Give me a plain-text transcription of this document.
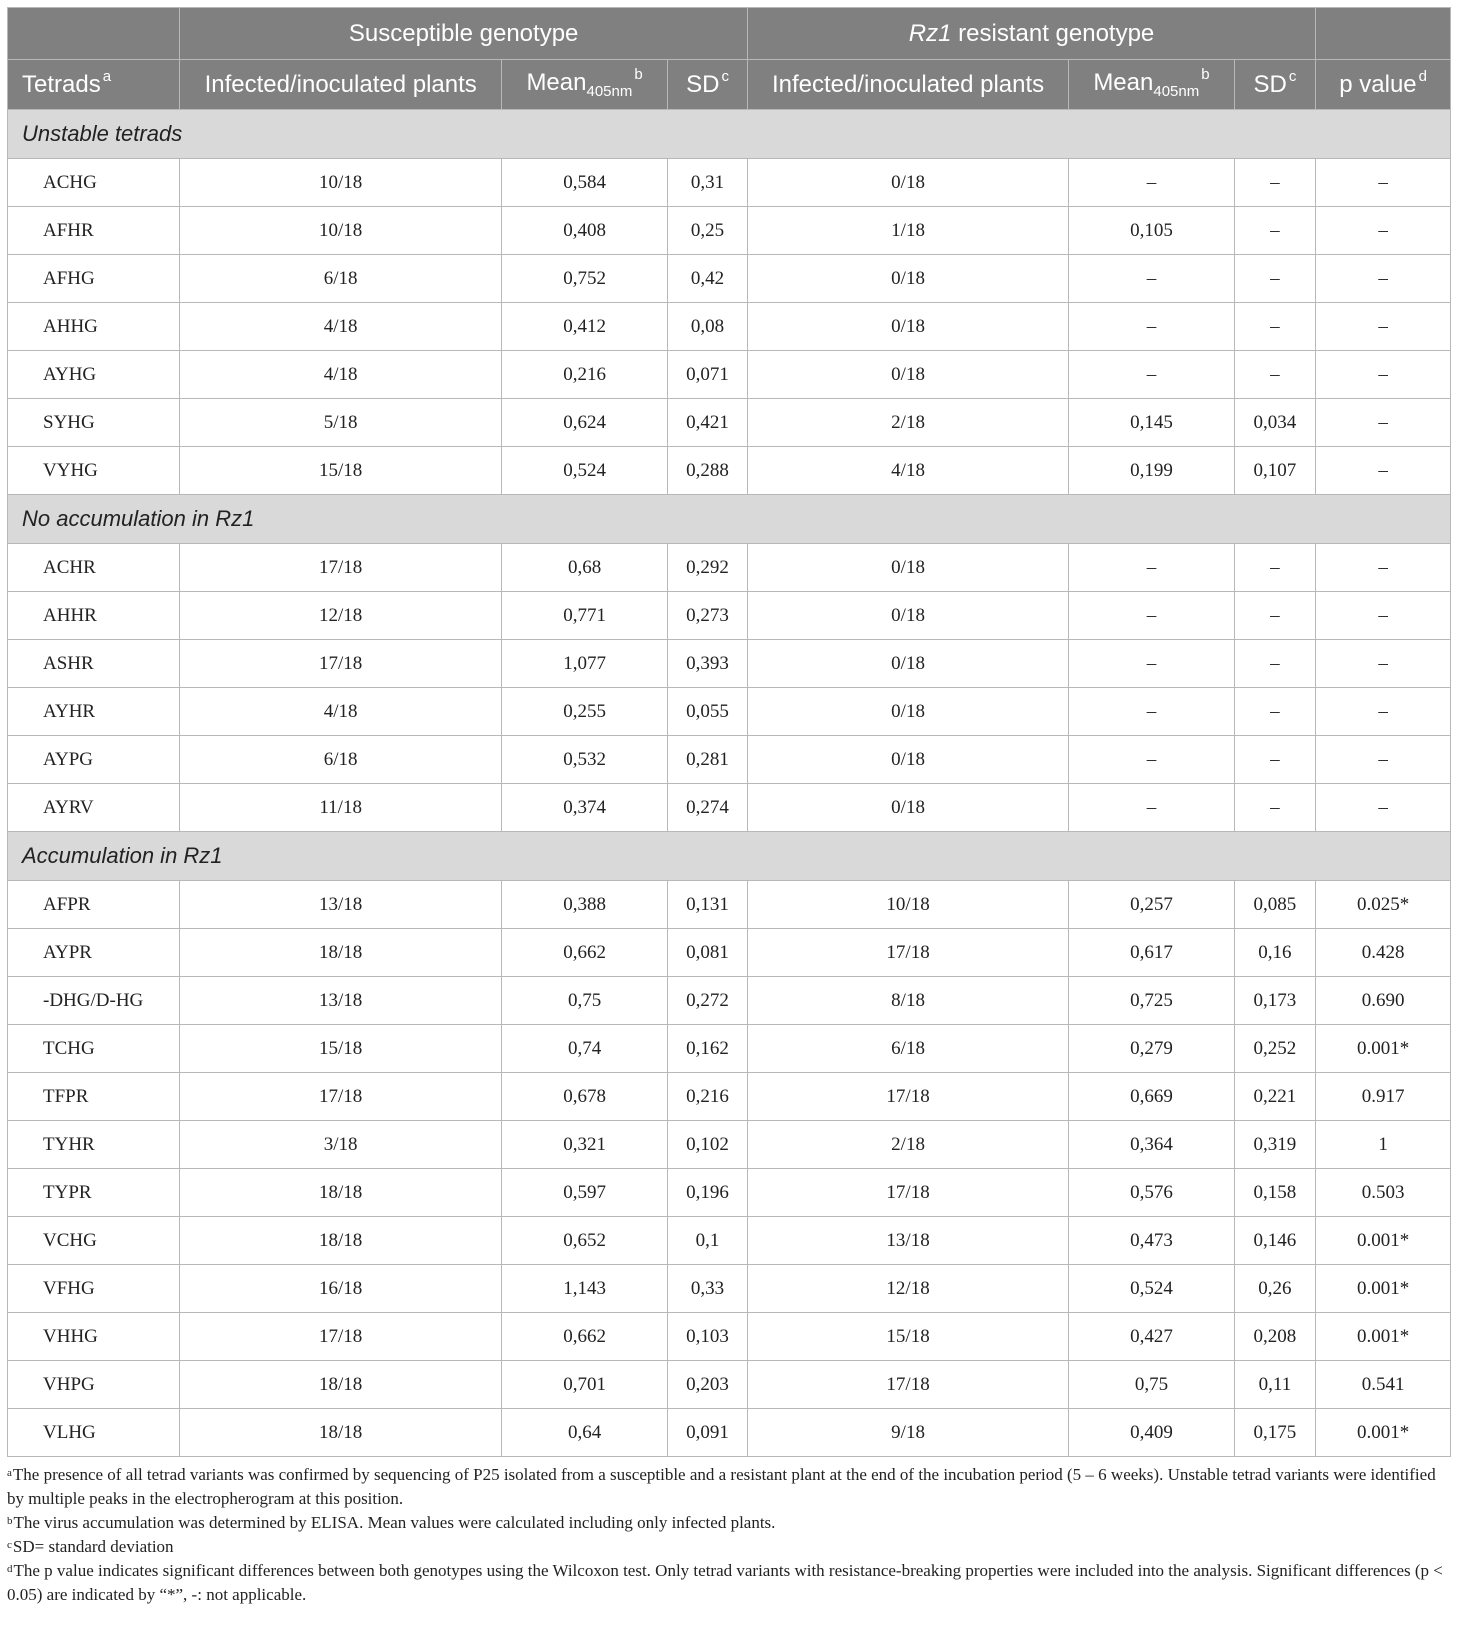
	Susceptible genotype			Rz1 resistant genotype			
Tetrads $^a$	Infected/inoculated plants	Mean$_{405nm}^b$	SD $^c$	Infected/inoculated plants	Mean$_{405nm}^b$	SD $^c$	p value $^d$
Unstable tetrads							
ACHG	10/18	0,584	0,31	0/18	–	–	–
AFHR	10/18	0,408	0,25	1/18	0,105	–	–
AFHG	6/18	0,752	0,42	0/18	–	–	–
AHHG	4/18	0,412	0,08	0/18	–	–	–
AYHG	4/18	0,216	0,071	0/18	–	–	–
SYHG	5/18	0,624	0,421	2/18	0,145	0,034	–
VYHG	15/18	0,524	0,288	4/18	0,199	0,107	–
No accumulation in Rz1							
ACHR	17/18	0,68	0,292	0/18	–	–	–
AHHR	12/18	0,771	0,273	0/18	–	–	–
ASHR	17/18	1,077	0,393	0/18	–	–	–
AYHR	4/18	0,255	0,055	0/18	–	–	–
AYPG	6/18	0,532	0,281	0/18	–	–	–
AYRV	11/18	0,374	0,274	0/18	–	–	–
Accumulation in Rz1							
AFPR	13/18	0,388	0,131	10/18	0,257	0,085	0.025*
AYPR	18/18	0,662	0,081	17/18	0,617	0,16	0.428
-DHG/D-HG	13/18	0,75	0,272	8/18	0,725	0,173	0.690
TCHG	15/18	0,74	0,162	6/18	0,279	0,252	0.001*
TFPR	17/18	0,678	0,216	17/18	0,669	0,221	0.917
TYHR	3/18	0,321	0,102	2/18	0,364	0,319	1
TYPR	18/18	0,597	0,196	17/18	0,576	0,158	0.503
VCHG	18/18	0,652	0,1	13/18	0,473	0,146	0.001*
VFHG	16/18	1,143	0,33	12/18	0,524	0,26	0.001*
VHHG	17/18	0,662	0,103	15/18	0,427	0,208	0.001*
VHPG	18/18	0,701	0,203	17/18	0,75	0,11	0.541
VLHG	18/18	0,64	0,091	9/18	0,409	0,175	0.001*

$^a$The presence of all tetrad variants was confirmed by sequencing of P25 isolated from a susceptible and a resistant plant at the end of the incubation period (5 – 6 weeks). Unstable tetrad variants were identified by multiple peaks in the electropherogram at this position.

$^b$The virus accumulation was determined by ELISA. Mean values were calculated including only infected plants.

$^c$SD= standard deviation

$^d$The p value indicates significant differences between both genotypes using the Wilcoxon test. Only tetrad variants with resistance-breaking properties were included into the analysis. Significant differences (p < 0.05) are indicated by “*”, -: not applicable.
